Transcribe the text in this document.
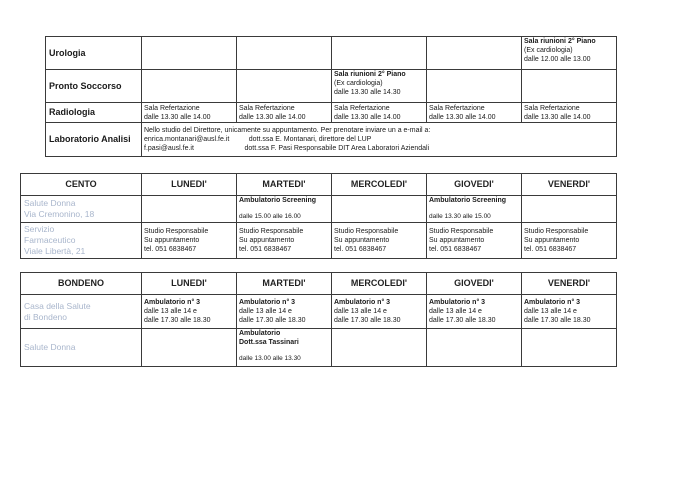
Urologia					Sala riunioni 2° Piano
(Ex cardiologia)
dalle 12.00 alle 13.00

Pronto Soccorso			Sala riunioni 2° Piano
(Ex cardiologia)
dalle 13.30 alle 14.30		

Radiologia	Sala Refertazione
dalle 13.30 alle 14.00	Sala Refertazione
dalle 13.30 alle 14.00	Sala Refertazione
dalle 13.30 alle 14.00	Sala Refertazione
dalle 13.30 alle 14.00	Sala Refertazione
dalle 13.30 alle 14.00

Laboratorio Analisi	Nello studio del Direttore, unicamente su appuntamento. Per prenotare inviare un a e-mail a:
enrica.montanari@ausl.fe.it          dott.ssa E. Montanari, direttore del LUP
f.pasi@ausl.fe.it                          dott.ssa F. Pasi Responsabile DIT Area Laboratori Aziendali				
CENTO	LUNEDI'	MARTEDI'	MERCOLEDI'	GIOVEDI'	VENERDI'

Salute Donna
Via Cremonino, 18		Ambulatorio Screening
dalle 15.00 alle 16.00		Ambulatorio Screening
dalle 13.30 alle 15.00	

Servizio
Farmaceutico
Viale Libertà, 21	Studio Responsabile
Su appuntamento
tel. 051 6838467	Studio Responsabile
Su appuntamento
tel. 051 6838467	Studio Responsabile
Su appuntamento
tel. 051 6838467	Studio Responsabile
Su appuntamento
tel. 051 6838467	Studio Responsabile
Su appuntamento
tel. 051 6838467
BONDENO	LUNEDI'	MARTEDI'	MERCOLEDI'	GIOVEDI'	VENERDI'

Casa della Salute
di Bondeno	Ambulatorio n° 3
dalle 13 alle 14 e
dalle 17.30 alle 18.30	Ambulatorio n° 3
dalle 13 alle 14 e
dalle 17.30 alle 18.30	Ambulatorio n° 3
dalle 13 alle 14 e
dalle 17.30 alle 18.30	Ambulatorio n° 3
dalle 13 alle 14 e
dalle 17.30 alle 18.30	Ambulatorio n° 3
dalle 13 alle 14 e
dalle 17.30 alle 18.30

Salute Donna		Ambulatorio
Dott.ssa Tassinari
dalle 13.00 alle 13.30			
